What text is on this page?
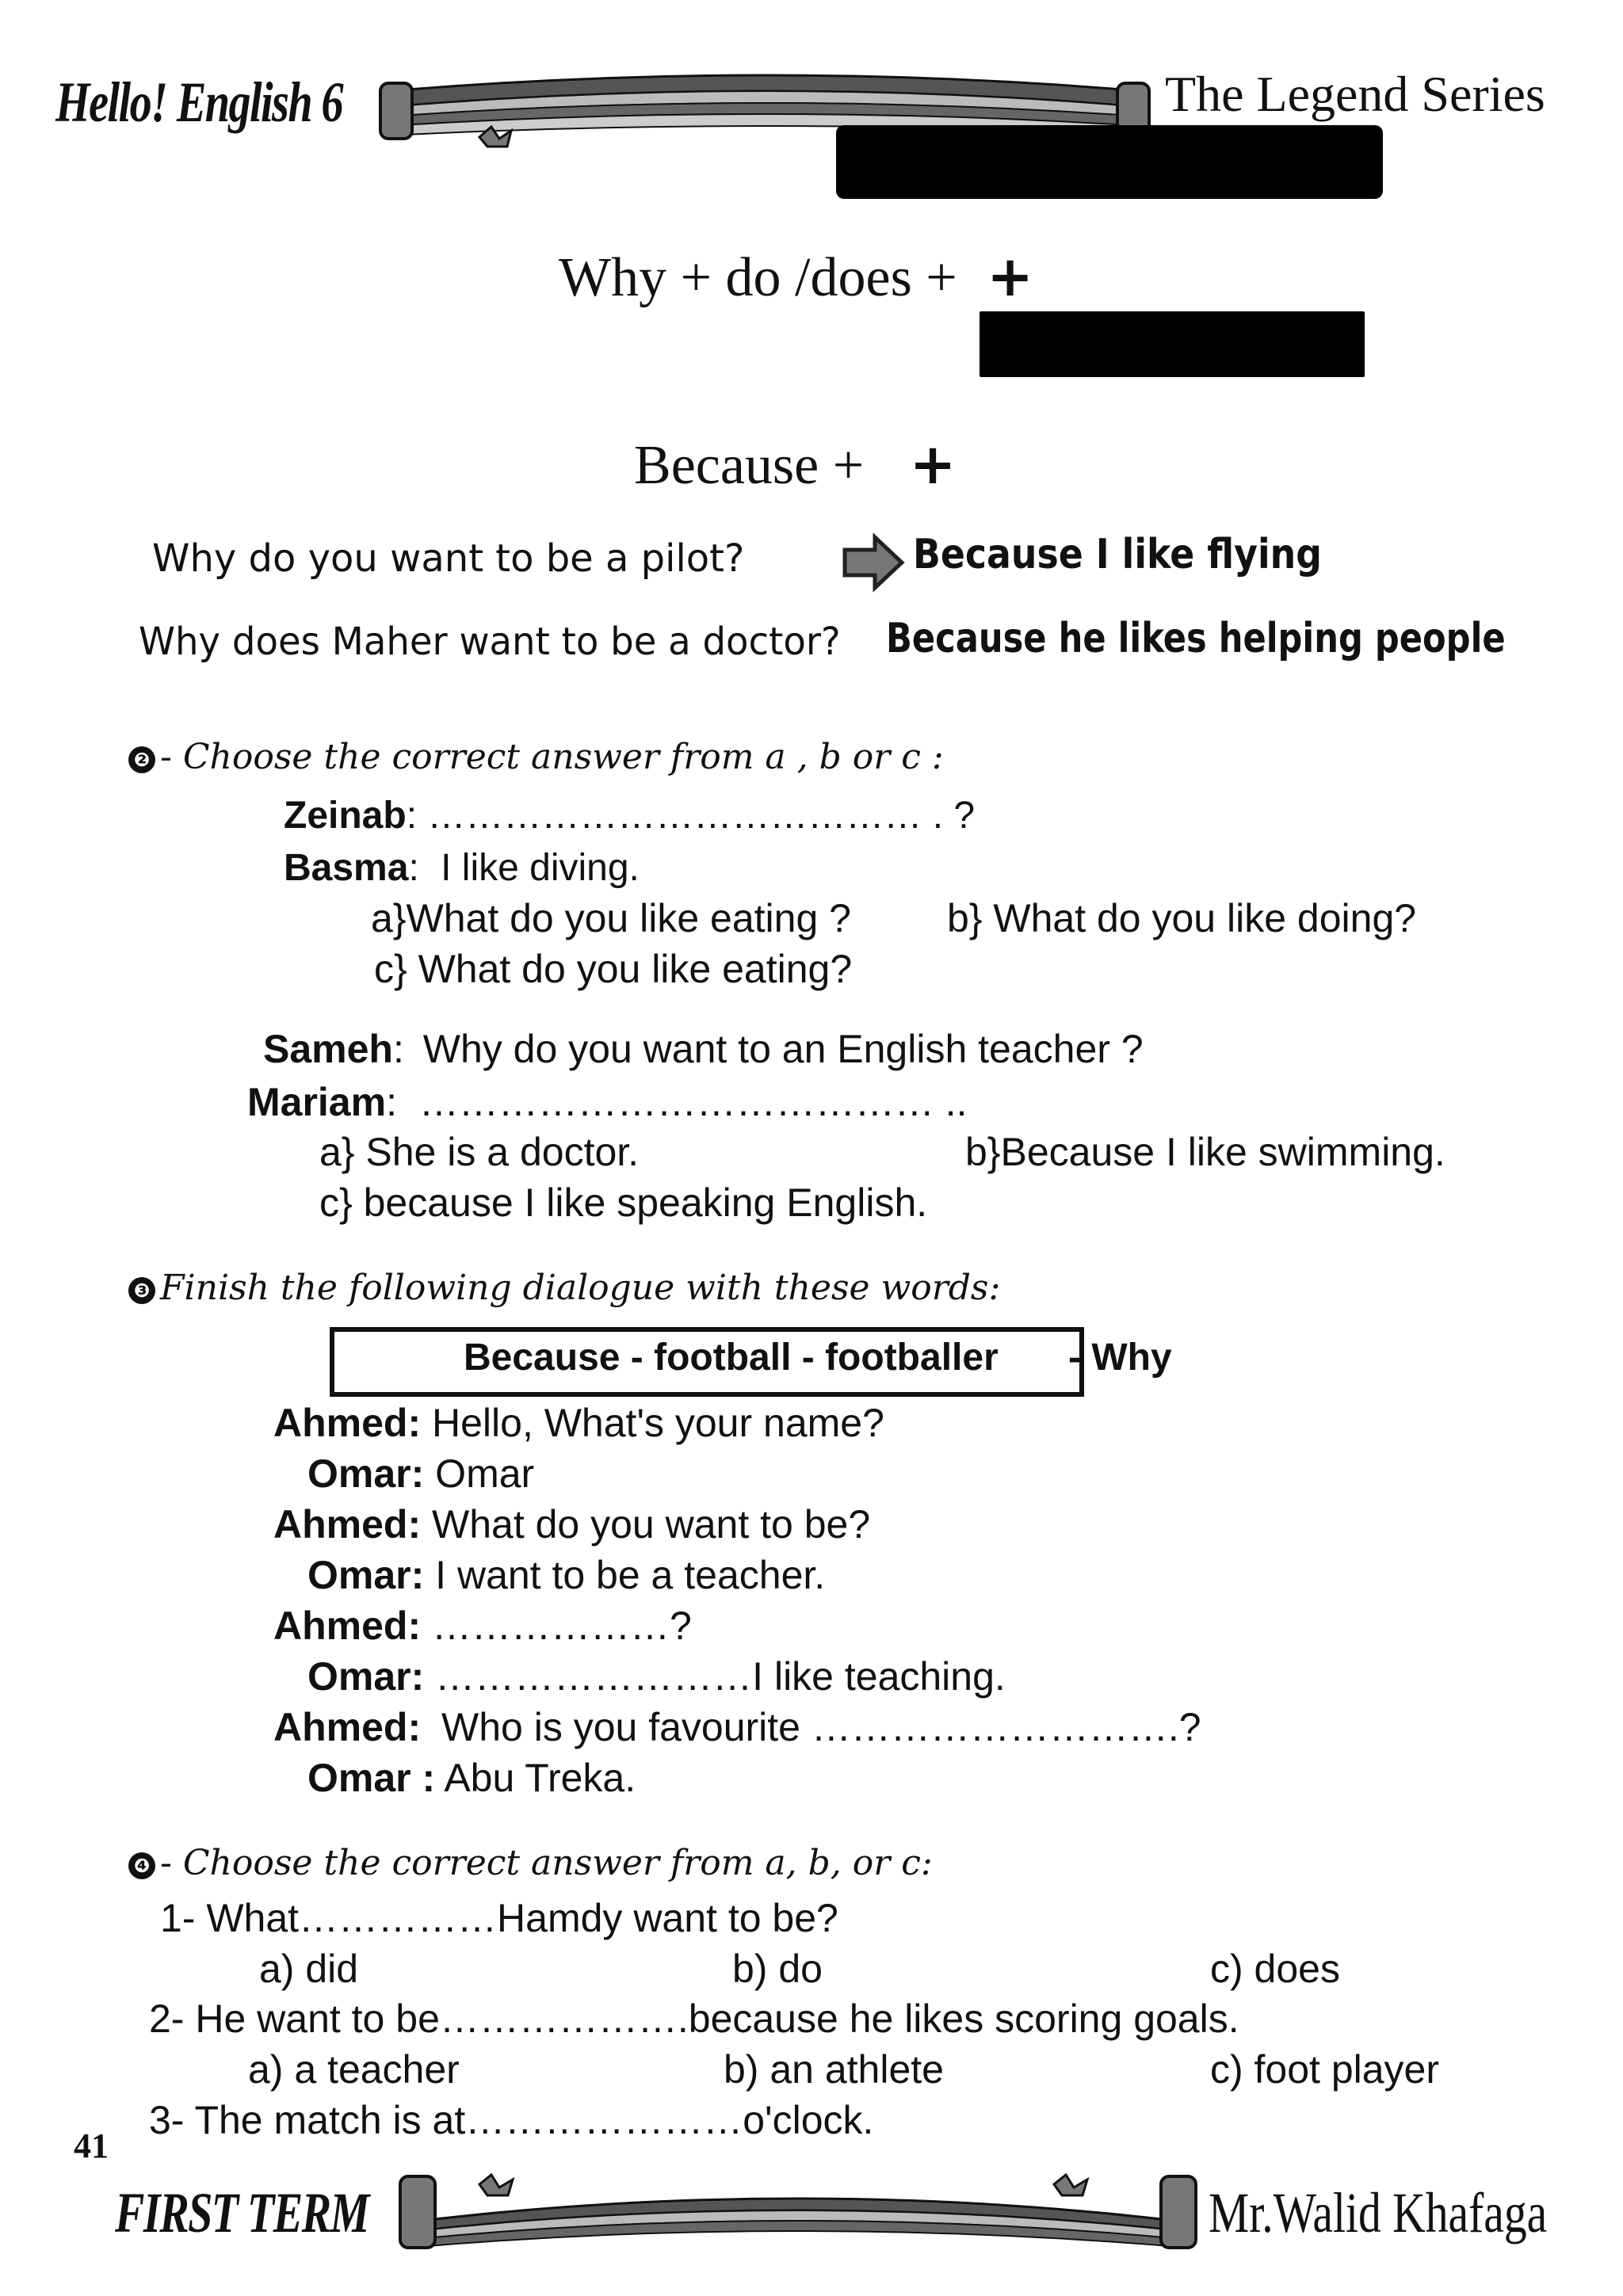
Hello! English 6	The Legend Series
Why + do /does + +
Because + +
Why do you want to be a pilot?	Because I like flying
Why does Maher want to be a doctor? Because he likes helping people
❷ - Choose the correct answer from a , b or c :
Zeinab: ………………………………… . ?
Basma: I like diving.
a}What do you like eating ? b} What do you like doing?
c} What do you like eating?
Sameh: Why do you want to an English teacher ?
Mariam: ………………………………… ..
a} She is a doctor.	b}Because I like swimming.
c} because I like speaking English.
❸ Finish the following dialogue with these words:
Because - football - footballer - Why
Ahmed: Hello, What's your name?
Omar: Omar
Ahmed: What do you want to be?
Omar: I want to be a teacher.
Ahmed: ………………?
Omar: ……………………I like teaching.
Ahmed: Who is you favourite ……………………….?
Omar : Abu Treka.
❹ - Choose the correct answer from a, b, or c:
1- What……………Hamdy want to be?
a) did	b) do	c) does
2- He want to be……………….because he likes scoring goals.
a) a teacher	b) an athlete	c) foot player
3- The match is at…………………o'clock.
41
FIRST TERM	Mr.Walid Khafaga
